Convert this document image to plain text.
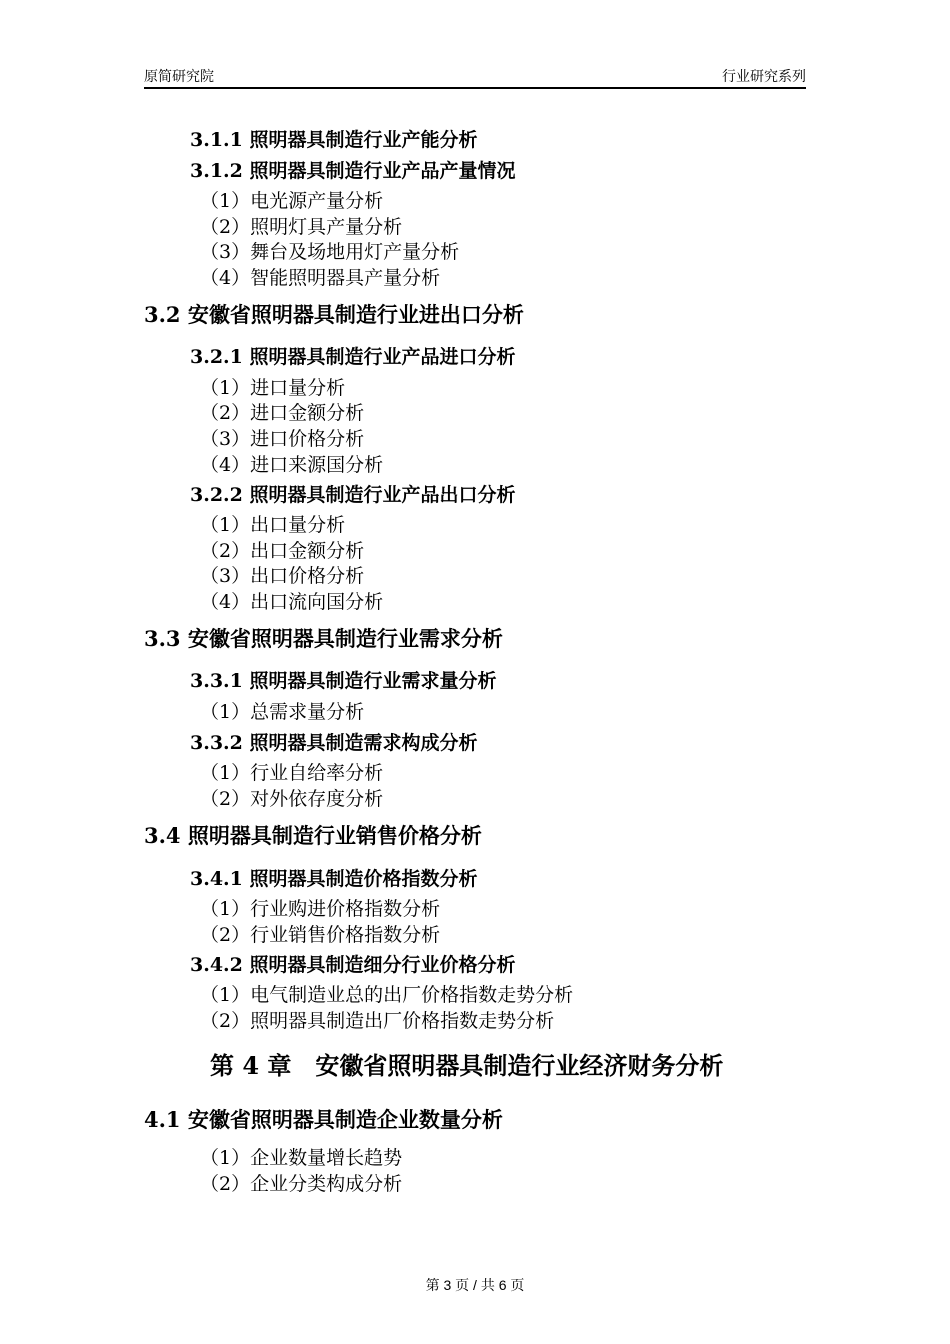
原简研究院	行业研究系列
3.1.1 照明器具制造行业产能分析
3.1.2 照明器具制造行业产品产量情况
（1）电光源产量分析
（2）照明灯具产量分析
（3）舞台及场地用灯产量分析
（4）智能照明器具产量分析
3.2 安徽省照明器具制造行业进出口分析
3.2.1 照明器具制造行业产品进口分析
（1）进口量分析
（2）进口金额分析
（3）进口价格分析
（4）进口来源国分析
3.2.2 照明器具制造行业产品出口分析
（1）出口量分析
（2）出口金额分析
（3）出口价格分析
（4）出口流向国分析
3.3 安徽省照明器具制造行业需求分析
3.3.1 照明器具制造行业需求量分析
（1）总需求量分析
3.3.2 照明器具制造需求构成分析
（1）行业自给率分析
（2）对外依存度分析
3.4 照明器具制造行业销售价格分析
3.4.1 照明器具制造价格指数分析
（1）行业购进价格指数分析
（2）行业销售价格指数分析
3.4.2 照明器具制造细分行业价格分析
（1）电气制造业总的出厂价格指数走势分析
（2）照明器具制造出厂价格指数走势分析
第 4 章　安徽省照明器具制造行业经济财务分析
4.1 安徽省照明器具制造企业数量分析
（1）企业数量增长趋势
（2）企业分类构成分析
第 3 页 / 共 6 页
